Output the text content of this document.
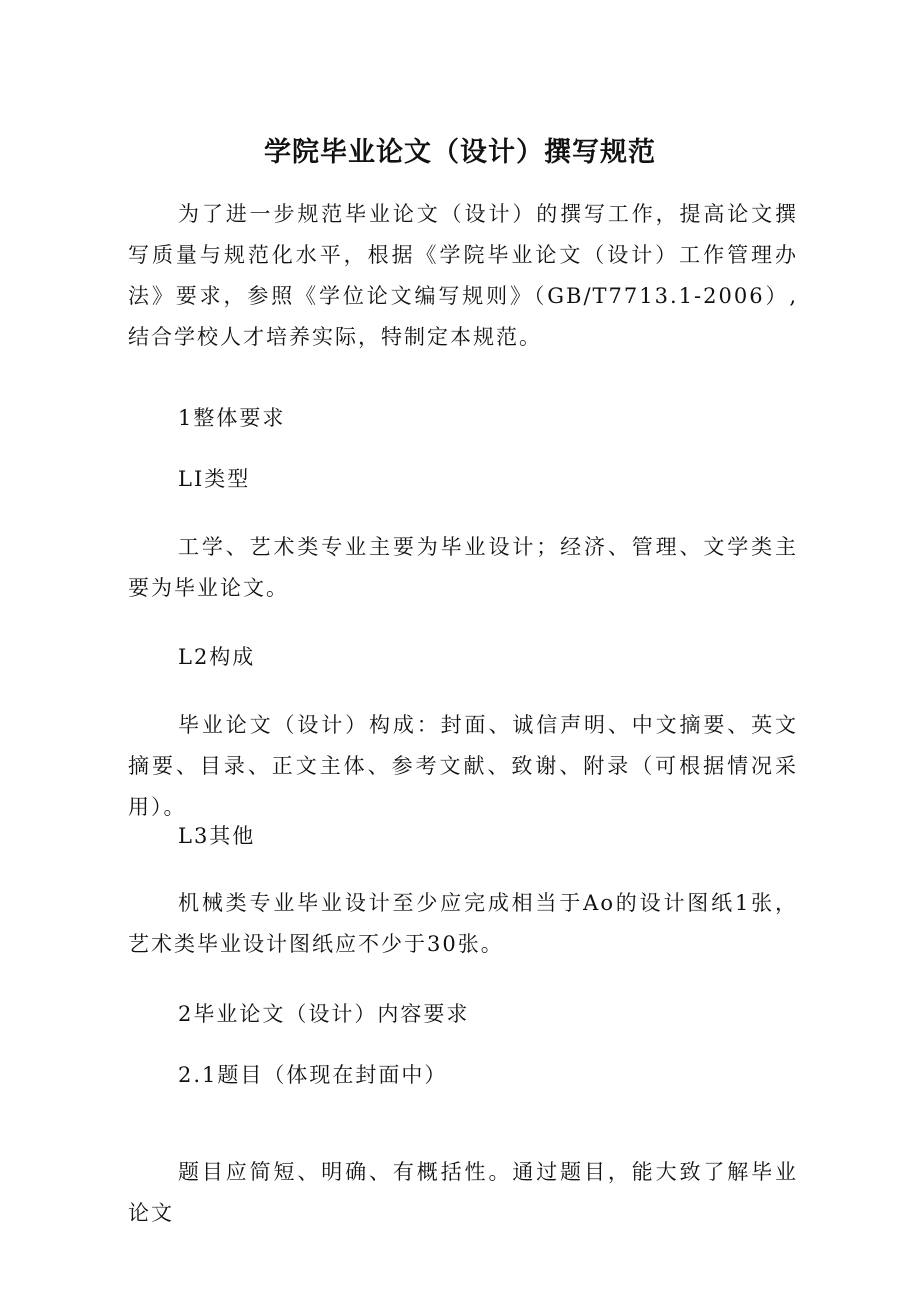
学院毕业论文（设计）撰写规范

为了进一步规范毕业论文（设计）的撰写工作，提高论文撰写质量与规范化水平，根据《学院毕业论文（设计）工作管理办法》要求，参照《学位论文编写规则》（GB/T7713.1-2006）,结合学校人才培养实际，特制定本规范。

1整体要求

LI类型

工学、艺术类专业主要为毕业设计；经济、管理、文学类主要为毕业论文。

L2构成

毕业论文（设计）构成：封面、诚信声明、中文摘要、英文摘要、目录、正文主体、参考文献、致谢、附录（可根据情况采用）。

L3其他

机械类专业毕业设计至少应完成相当于Ao的设计图纸1张，艺术类毕业设计图纸应不少于30张。

2毕业论文（设计）内容要求

2.1题目（体现在封面中）

题目应简短、明确、有概括性。通过题目，能大致了解毕业论文
